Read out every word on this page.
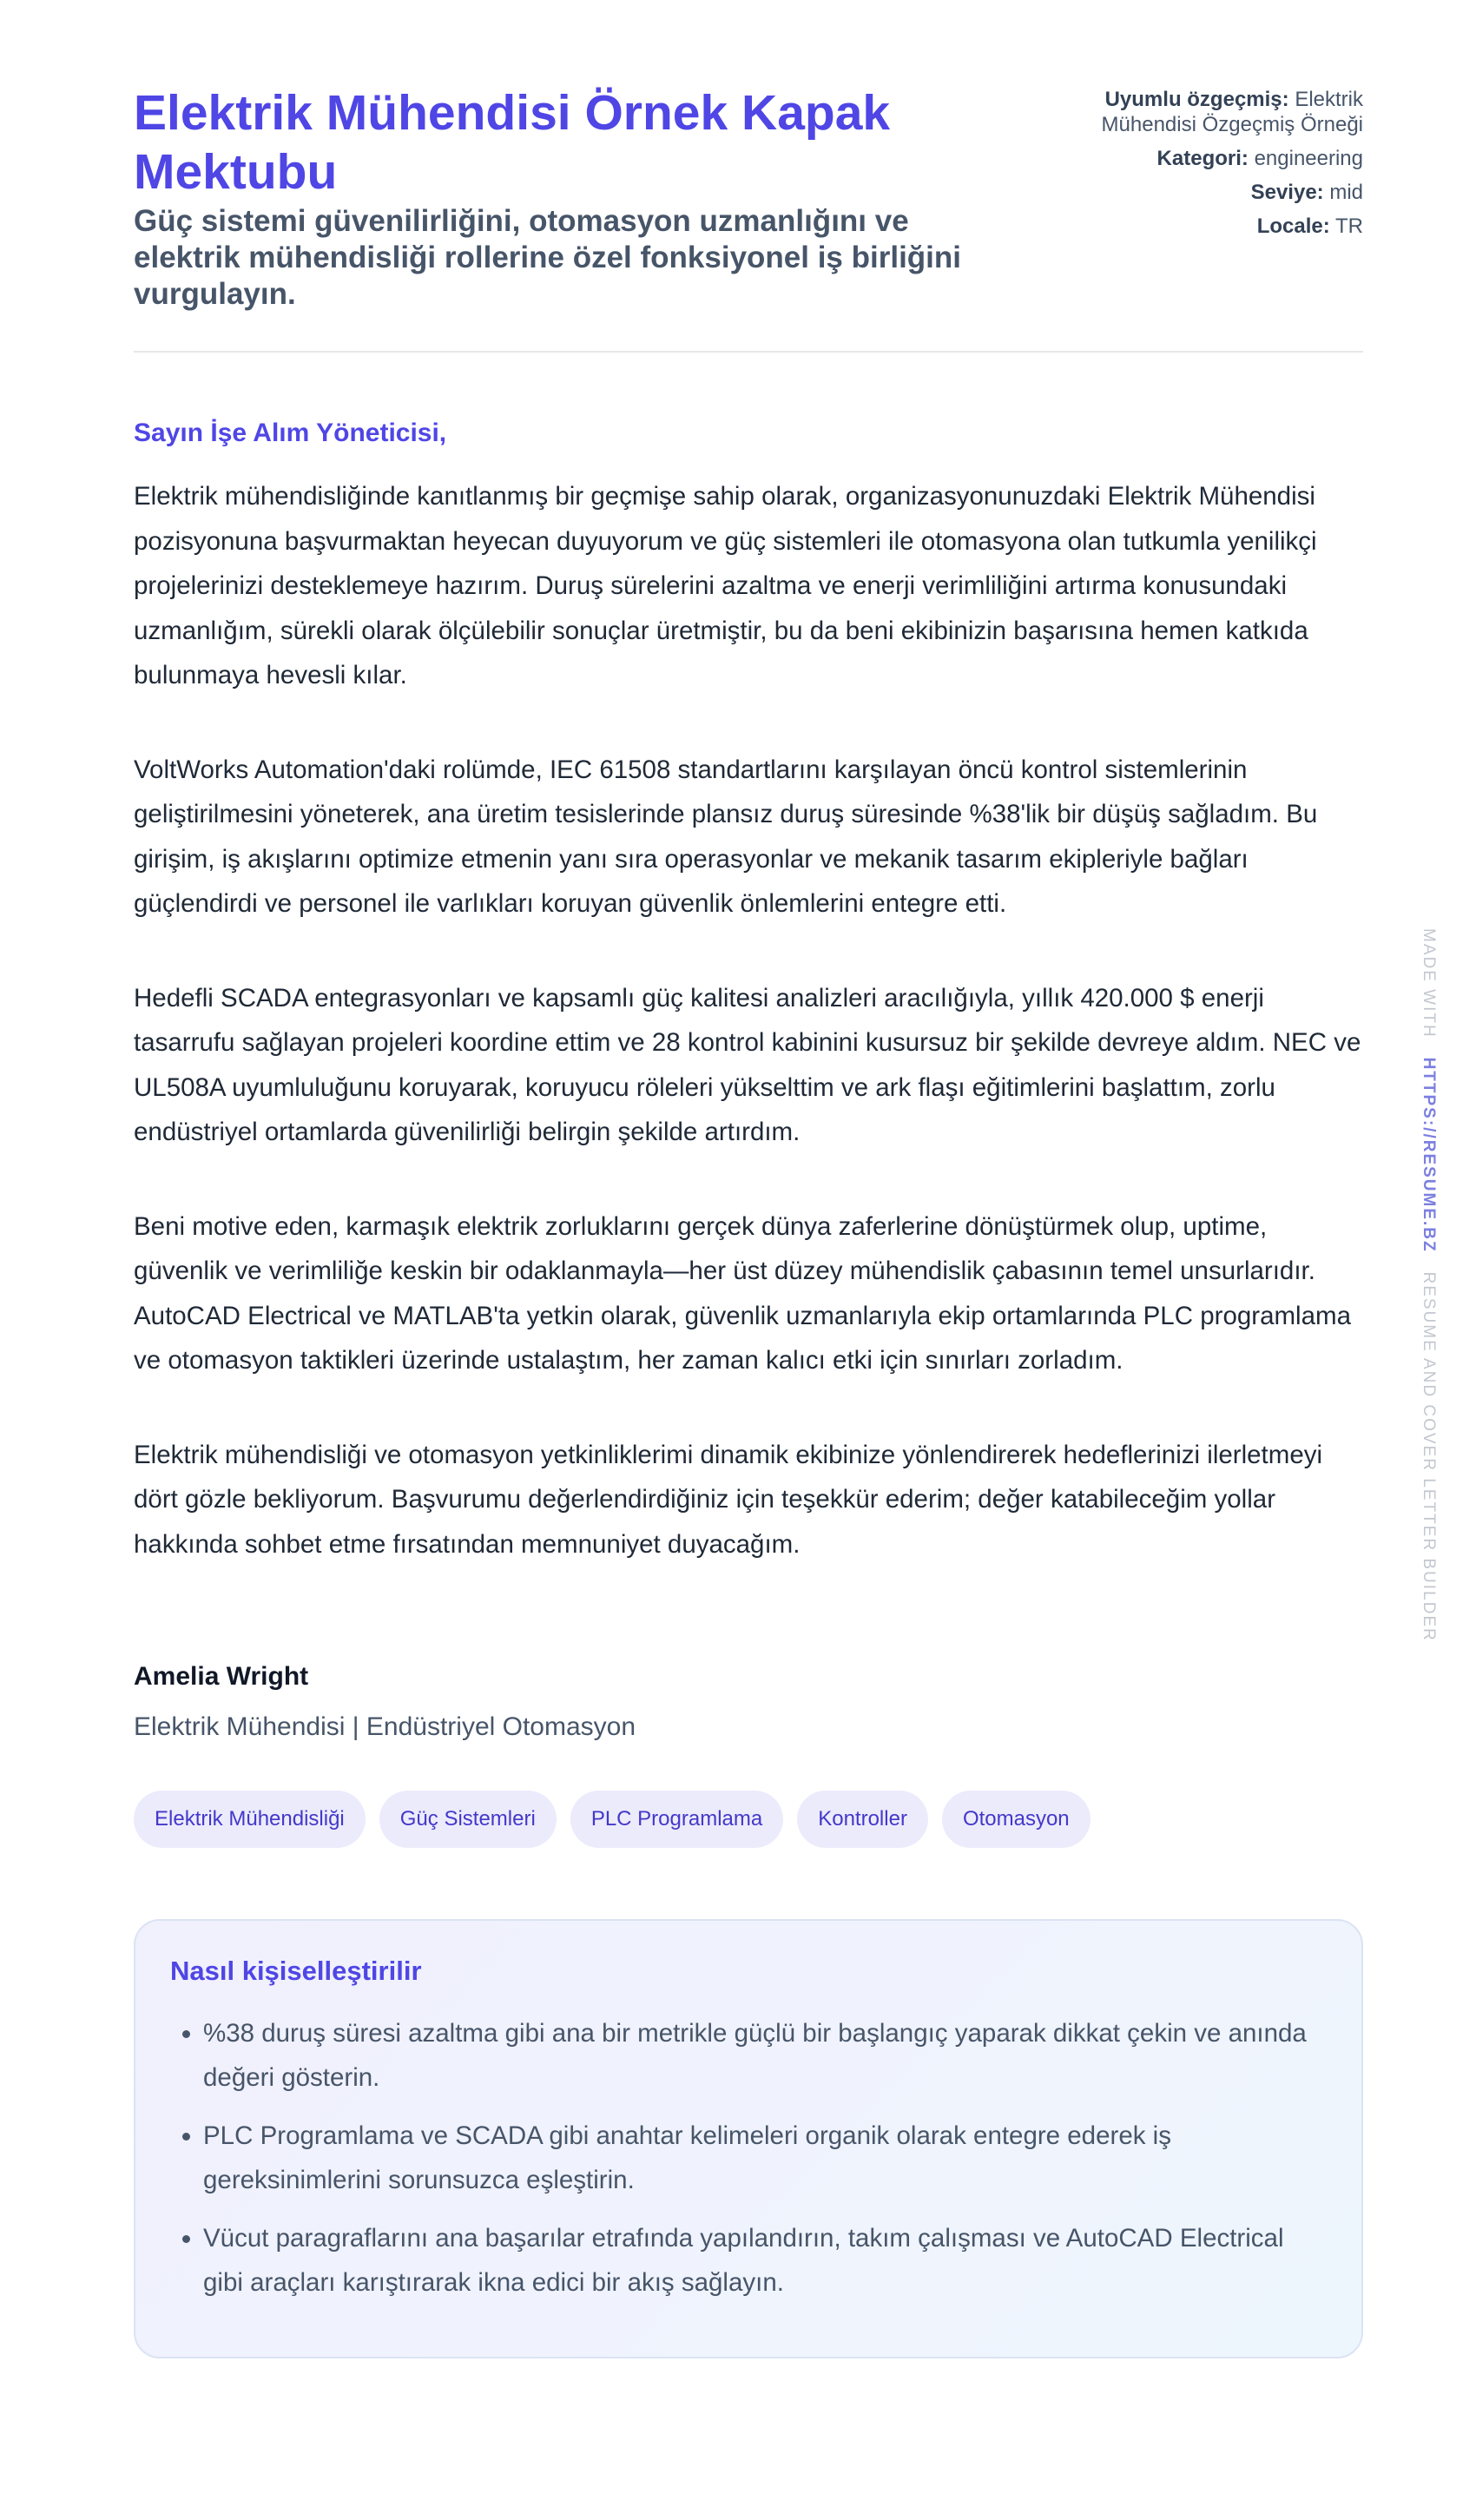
Elektrik Mühendisi Örnek Kapak Mektubu
Güç sistemi güvenilirliğini, otomasyon uzmanlığını ve elektrik mühendisliği rollerine özel fonksiyonel iş birliğini vurgulayın.
Uyumlu özgeçmiş: Elektrik Mühendisi Özgeçmiş Örneği
Kategori: engineering
Seviye: mid
Locale: TR
Sayın İşe Alım Yöneticisi,

Elektrik mühendisliğinde kanıtlanmış bir geçmişe sahip olarak, organizasyonunuzdaki Elektrik Mühendisi pozisyonuna başvurmaktan heyecan duyuyorum ve güç sistemleri ile otomasyona olan tutkumla yenilikçi projelerinizi desteklemeye hazırım. Duruş sürelerini azaltma ve enerji verimliliğini artırma konusundaki uzmanlığım, sürekli olarak ölçülebilir sonuçlar üretmiştir, bu da beni ekibinizin başarısına hemen katkıda bulunmaya hevesli kılar.

VoltWorks Automation'daki rolümde, IEC 61508 standartlarını karşılayan öncü kontrol sistemlerinin geliştirilmesini yöneterek, ana üretim tesislerinde plansız duruş süresinde %38'lik bir düşüş sağladım. Bu girişim, iş akışlarını optimize etmenin yanı sıra operasyonlar ve mekanik tasarım ekipleriyle bağları güçlendirdi ve personel ile varlıkları koruyan güvenlik önlemlerini entegre etti.

Hedefli SCADA entegrasyonları ve kapsamlı güç kalitesi analizleri aracılığıyla, yıllık 420.000 $ enerji tasarrufu sağlayan projeleri koordine ettim ve 28 kontrol kabinini kusursuz bir şekilde devreye aldım. NEC ve UL508A uyumluluğunu koruyarak, koruyucu röleleri yükselttim ve ark flaşı eğitimlerini başlattım, zorlu endüstriyel ortamlarda güvenilirliği belirgin şekilde artırdım.

Beni motive eden, karmaşık elektrik zorluklarını gerçek dünya zaferlerine dönüştürmek olup, uptime, güvenlik ve verimliliğe keskin bir odaklanmayla—her üst düzey mühendislik çabasının temel unsurlarıdır. AutoCAD Electrical ve MATLAB'ta yetkin olarak, güvenlik uzmanlarıyla ekip ortamlarında PLC programlama ve otomasyon taktikleri üzerinde ustalaştım, her zaman kalıcı etki için sınırları zorladım.

Elektrik mühendisliği ve otomasyon yetkinliklerimi dinamik ekibinize yönlendirerek hedeflerinizi ilerletmeyi dört gözle bekliyorum. Başvurumu değerlendirdiğiniz için teşekkür ederim; değer katabileceğim yollar hakkında sohbet etme fırsatından memnuniyet duyacağım.

Amelia Wright
Elektrik Mühendisi | Endüstriyel Otomasyon
Elektrik Mühendisliği	Güç Sistemleri	PLC Programlama	Kontroller	Otomasyon
Nasıl kişiselleştirilir
• %38 duruş süresi azaltma gibi ana bir metrikle güçlü bir başlangıç yaparak dikkat çekin ve anında değeri gösterin.
• PLC Programlama ve SCADA gibi anahtar kelimeleri organik olarak entegre ederek iş gereksinimlerini sorunsuzca eşleştirin.
• Vücut paragraflarını ana başarılar etrafında yapılandırın, takım çalışması ve AutoCAD Electrical gibi araçları karıştırarak ikna edici bir akış sağlayın.
MADE WITH   HTTPS://RESUME.BZ   RESUME AND COVER LETTER BUILDER
